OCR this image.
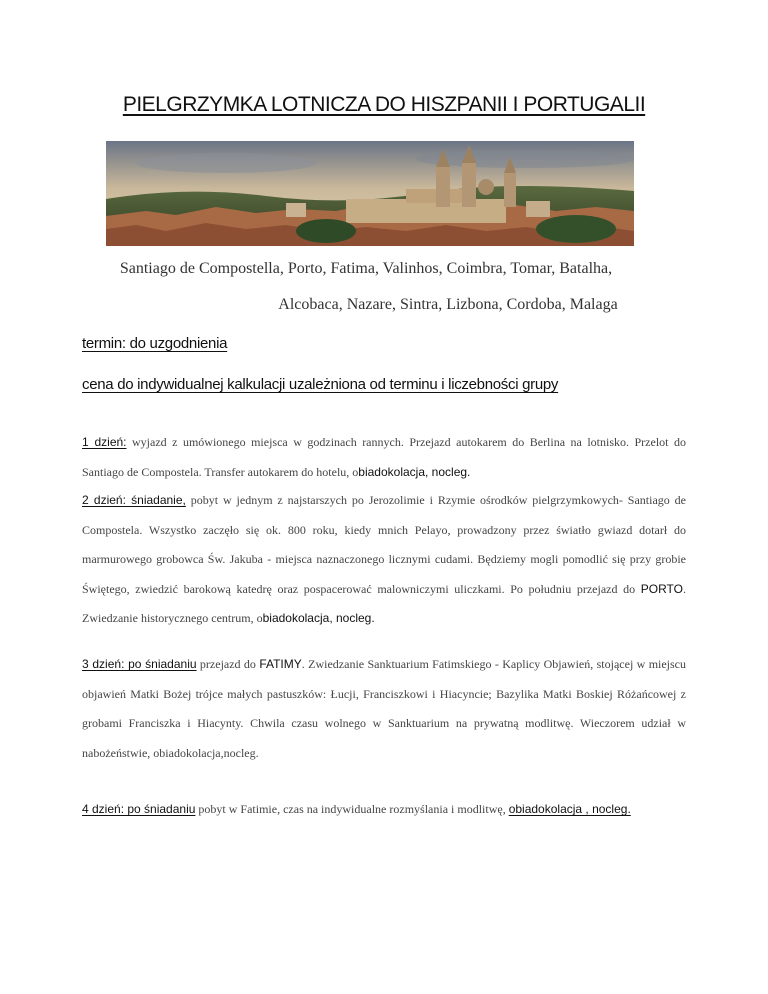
PIELGRZYMKA LOTNICZA DO HISZPANII I PORTUGALII
Santiago de Compostella, Porto, Fatima, Valinhos, Coimbra, Tomar, Batalha,
Alcobaca, Nazare, Sintra, Lizbona, Cordoba, Malaga
termin: do uzgodnienia
cena do indywidualnej kalkulacji uzależniona od terminu i liczebności grupy
1 dzień: wyjazd z umówionego miejsca w godzinach rannych. Przejazd autokarem do Berlina na lotnisko. Przelot do Santiago de Compostela. Transfer autokarem do hotelu, obiadokolacja, nocleg.
2 dzień: śniadanie, pobyt w jednym z najstarszych po Jerozolimie i Rzymie ośrodków pielgrzymkowych- Santiago de Compostela. Wszystko zaczęło się ok. 800 roku, kiedy mnich Pelayo, prowadzony przez światło gwiazd dotarł do marmurowego grobowca Św. Jakuba - miejsca naznaczonego licznymi cudami. Będziemy mogli pomodlić się przy grobie Świętego, zwiedzić barokową katedrę oraz pospacerować malowniczymi uliczkami. Po południu przejazd do PORTO. Zwiedzanie historycznego centrum, obiadokolacja, nocleg.
3 dzień: po śniadaniu przejazd do FATIMY. Zwiedzanie Sanktuarium Fatimskiego - Kaplicy Objawień, stojącej w miejscu objawień Matki Bożej trójce małych pastuszków: Łucji, Franciszkowi i Hiacyncie; Bazylika Matki Boskiej Różańcowej z grobami Franciszka i Hiacynty. Chwila czasu wolnego w Sanktuarium na prywatną modlitwę. Wieczorem udział w nabożeństwie, obiadokolacja,nocleg.
4 dzień: po śniadaniu pobyt w Fatimie, czas na indywidualne rozmyślania i modlitwę, obiadokolacja , nocleg.
